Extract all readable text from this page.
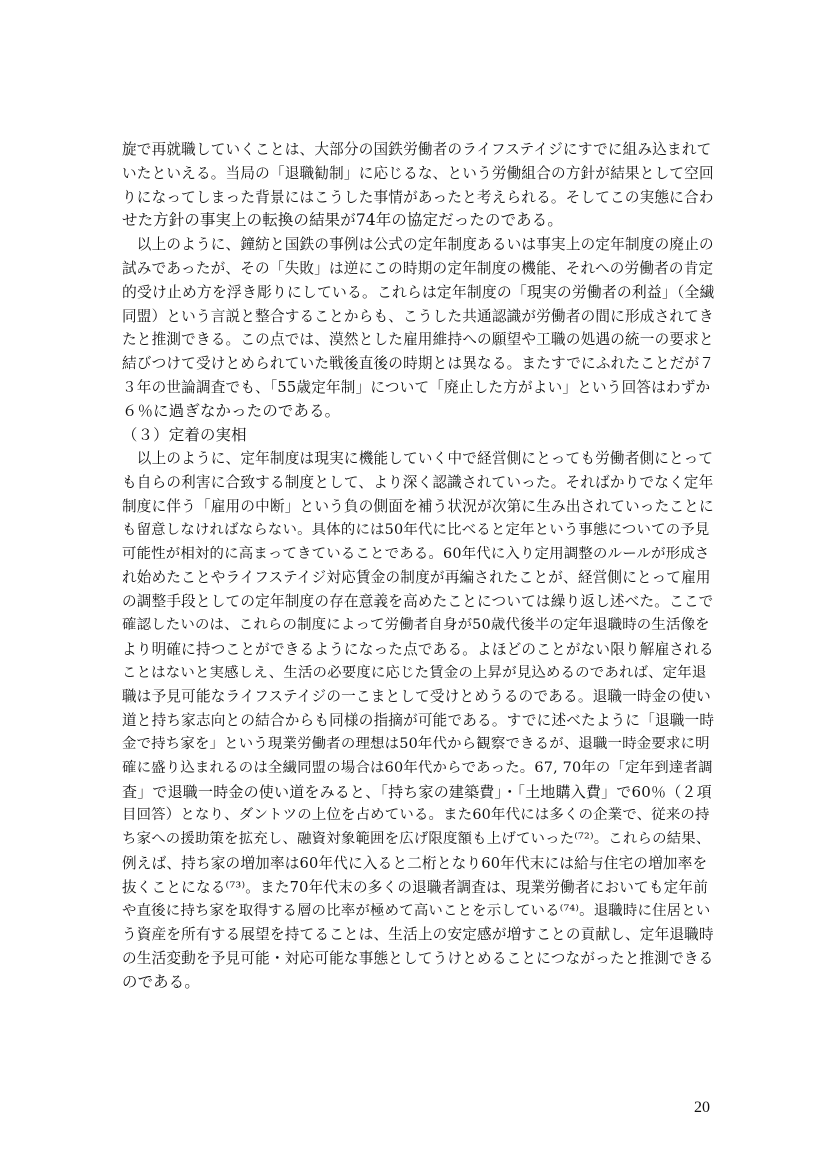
旋で再就職していくことは、大部分の国鉄労働者のライフステイジにすでに組み込まれて
いたといえる。当局の「退職勧制」に応じるな、という労働組合の方針が結果として空回
りになってしまった背景にはこうした事情があったと考えられる。そしてこの実態に合わ
せた方針の事実上の転換の結果が74年の協定だったのである。
　以上のように、鐘紡と国鉄の事例は公式の定年制度あるいは事実上の定年制度の廃止の
試みであったが、その「失敗」は逆にこの時期の定年制度の機能、それへの労働者の肯定
的受け止め方を浮き彫りにしている。これらは定年制度の「現実の労働者の利益」（全繊
同盟）という言説と整合することからも、こうした共通認識が労働者の間に形成されてき
たと推測できる。この点では、漠然とした雇用維持への願望や工職の処遇の統一の要求と
結びつけて受けとめられていた戦後直後の時期とは異なる。またすでにふれたことだが７
３年の世論調査でも、「55歳定年制」について「廃止した方がよい」という回答はわずか
６％に過ぎなかったのである。
（３）定着の実相
　以上のように、定年制度は現実に機能していく中で経営側にとっても労働者側にとって
も自らの利害に合致する制度として、より深く認識されていった。そればかりでなく定年
制度に伴う「雇用の中断」という負の側面を補う状況が次第に生み出されていったことに
も留意しなければならない。具体的には50年代に比べると定年という事態についての予見
可能性が相対的に高まってきていることである。60年代に入り定用調整のルールが形成さ
れ始めたことやライフステイジ対応賃金の制度が再編されたことが、経営側にとって雇用
の調整手段としての定年制度の存在意義を高めたことについては繰り返し述べた。ここで
確認したいのは、これらの制度によって労働者自身が50歳代後半の定年退職時の生活像を
より明確に持つことができるようになった点である。よほどのことがない限り解雇される
ことはないと実感しえ、生活の必要度に応じた賃金の上昇が見込めるのであれば、定年退
職は予見可能なライフステイジの一こまとして受けとめうるのである。退職一時金の使い
道と持ち家志向との結合からも同様の指摘が可能である。すでに述べたように「退職一時
金で持ち家を」という現業労働者の理想は50年代から観察できるが、退職一時金要求に明
確に盛り込まれるのは全繊同盟の場合は60年代からであった。67, 70年の「定年到達者調
査」で退職一時金の使い道をみると、「持ち家の建築費」・「土地購入費」で60％（２項
目回答）となり、ダントツの上位を占めている。また60年代には多くの企業で、従来の持
ち家への援助策を拡充し、融資対象範囲を広げ限度額も上げていった⁽⁷²⁾。これらの結果、
例えば、持ち家の増加率は60年代に入ると二桁となり60年代末には給与住宅の増加率を
抜くことになる⁽⁷³⁾。また70年代末の多くの退職者調査は、現業労働者においても定年前
や直後に持ち家を取得する層の比率が極めて高いことを示している⁽⁷⁴⁾。退職時に住居とい
う資産を所有する展望を持てることは、生活上の安定感が増すことの貢献し、定年退職時
の生活変動を予見可能・対応可能な事態としてうけとめることにつながったと推測できる
のである。
20
